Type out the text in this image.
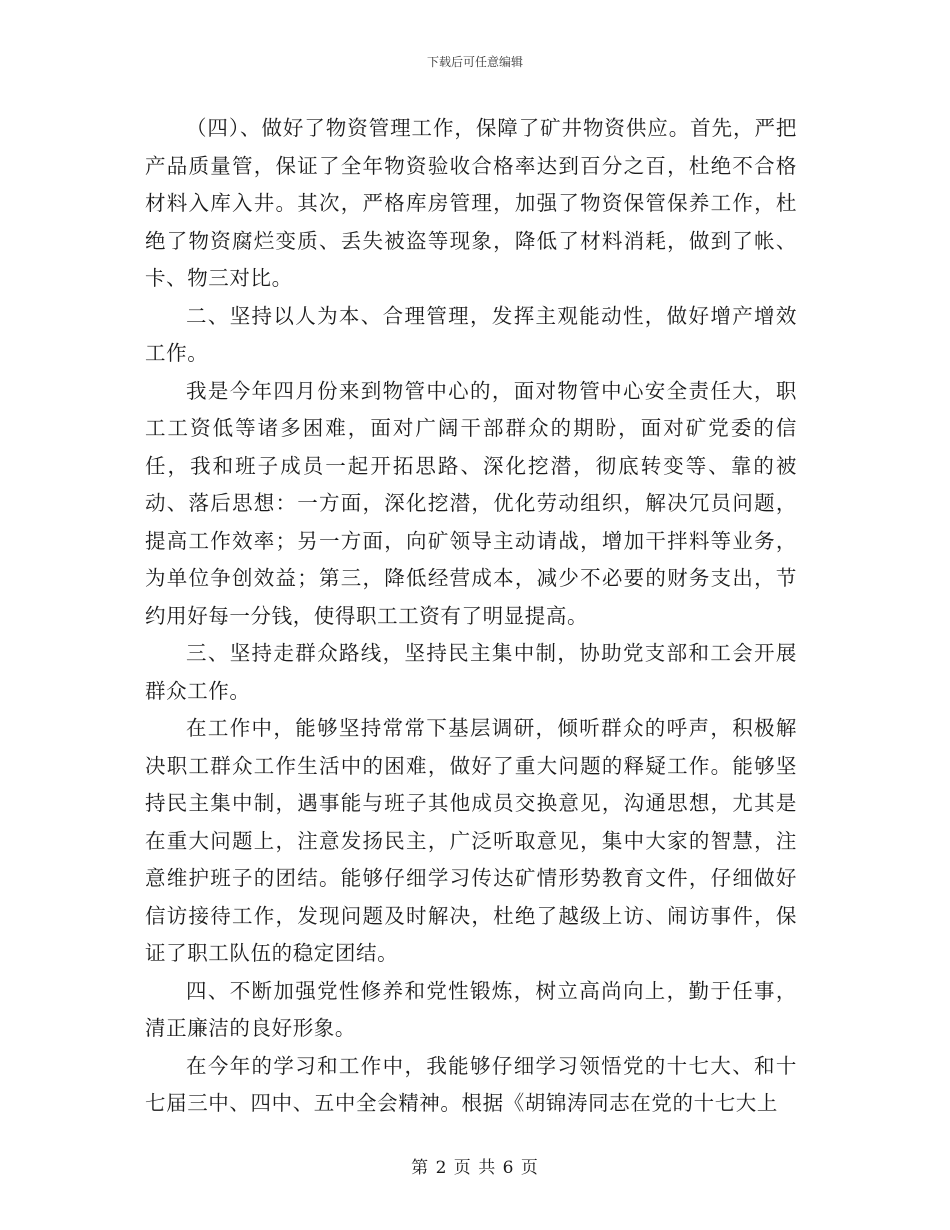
下载后可任意编辑

（四）、做好了物资管理工作，保障了矿井物资供应。首先，严把产品质量管，保证了全年物资验收合格率达到百分之百，杜绝不合格材料入库入井。其次，严格库房管理，加强了物资保管保养工作，杜绝了物资腐烂变质、丢失被盗等现象，降低了材料消耗，做到了帐、卡、物三对比。

二、坚持以人为本、合理管理，发挥主观能动性，做好增产增效工作。

我是今年四月份来到物管中心的，面对物管中心安全责任大，职工工资低等诸多困难，面对广阔干部群众的期盼，面对矿党委的信任，我和班子成员一起开拓思路、深化挖潜，彻底转变等、靠的被动、落后思想：一方面，深化挖潜，优化劳动组织，解决冗员问题，提高工作效率；另一方面，向矿领导主动请战，增加干拌料等业务，为单位争创效益；第三，降低经营成本，减少不必要的财务支出，节约用好每一分钱，使得职工工资有了明显提高。

三、坚持走群众路线，坚持民主集中制，协助党支部和工会开展群众工作。

在工作中，能够坚持常常下基层调研，倾听群众的呼声，积极解决职工群众工作生活中的困难，做好了重大问题的释疑工作。能够坚持民主集中制，遇事能与班子其他成员交换意见，沟通思想，尤其是在重大问题上，注意发扬民主，广泛听取意见，集中大家的智慧，注意维护班子的团结。能够仔细学习传达矿情形势教育文件，仔细做好信访接待工作，发现问题及时解决，杜绝了越级上访、闹访事件，保证了职工队伍的稳定团结。

四、不断加强党性修养和党性锻炼，树立高尚向上，勤于任事，清正廉洁的良好形象。

在今年的学习和工作中，我能够仔细学习领悟党的十七大、和十七届三中、四中、五中全会精神。根据《胡锦涛同志在党的十七大上

第 2 页 共 6 页
